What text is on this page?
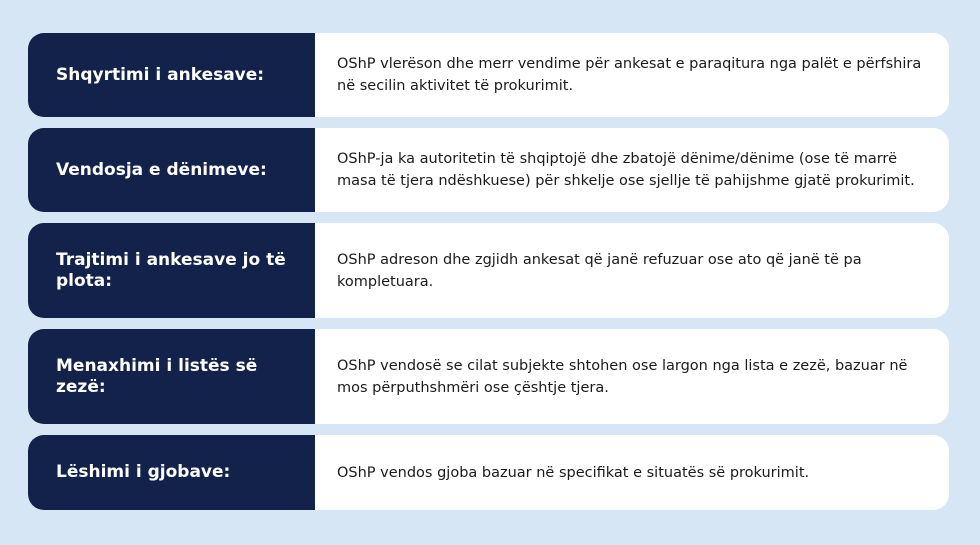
Shqyrtimi i ankesave:
OShP vlerëson dhe merr vendime për ankesat e paraqitura nga palët e përfshira në secilin aktivitet të prokurimit.
Vendosja e dënimeve:
OShP-ja ka autoritetin të shqiptojë dhe zbatojë dënime/dënime (ose të marrë masa të tjera ndëshkuese) për shkelje ose sjellje të pahijshme gjatë prokurimit.
Trajtimi i ankesave jo të plota:
OShP adreson dhe zgjidh ankesat që janë refuzuar ose ato që janë të pa kompletuara.
Menaxhimi i listës së zezë:
OShP vendosë se cilat subjekte shtohen ose largon nga lista e zezë, bazuar në mos përputhshmëri ose çështje tjera.
Lëshimi i gjobave:	OShP vendos gjoba bazuar në specifikat e situatës së prokurimit.
